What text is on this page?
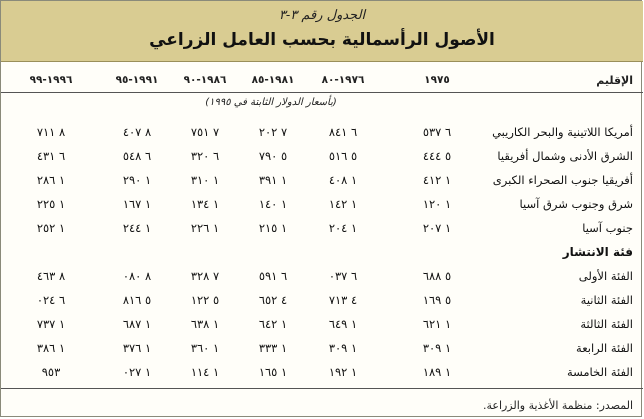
الجدول رقم ٣-٣
الأصول الرأسمالية بحسب العامل الزراعي
الإقليم
١٩٧٥
١٩٧٦-٨٠
١٩٨١-٨٥
١٩٨٦-٩٠
١٩٩١-٩٥
١٩٩٦-٩٩
(بأسعار الدولار الثابتة في ١٩٩٥)
أمريكا اللاتينية والبحر الكاريبي
٦ ٥٣٧
٦ ٨٤١
٧ ٢٠٢
٧ ٧٥١
٨ ٤٠٧
٨ ٧١١
الشرق الأدنى وشمال أفريقيا
٥ ٤٤٤
٥ ٥١٦
٥ ٧٩٠
٦ ٣٢٠
٦ ٥٤٨
٦ ٤٣١
أفريقيا جنوب الصحراء الكبرى
١ ٤١٢
١ ٤٠٨
١ ٣٩١
١ ٣١٠
١ ٢٩٠
١ ٢٨٦
شرق وجنوب شرق آسيا
١ ١٢٠
١ ١٤٢
١ ١٤٠
١ ١٣٤
١ ١٦٧
١ ٢٢٥
جنوب آسيا
١ ٢٠٧
١ ٢٠٤
١ ٢١٥
١ ٢٢٦
١ ٢٤٤
١ ٢٥٢
فئة الانتشار
الفئة الأولى
٥ ٦٨٨
٦ ٠٣٧
٦ ٥٩١
٧ ٣٢٨
٨ ٠٨٠
٨ ٤٦٣
الفئة الثانية
٥ ١٦٩
٤ ٧١٣
٤ ٦٥٢
٥ ١٢٢
٥ ٨١٦
٦ ٠٢٤
الفئة الثالثة
١ ٦٢١
١ ٦٤٩
١ ٦٤٢
١ ٦٣٨
١ ٦٨٧
١ ٧٣٧
الفئة الرابعة
١ ٣٠٩
١ ٣٠٩
١ ٣٣٣
١ ٣٦٠
١ ٣٧٦
١ ٣٨٦
الفئة الخامسة
١ ١٨٩
١ ١٩٢
١ ١٦٥
١ ١١٤
١ ٠٢٧
٩٥٣
المصدر: منظمة الأغذية والزراعة.
